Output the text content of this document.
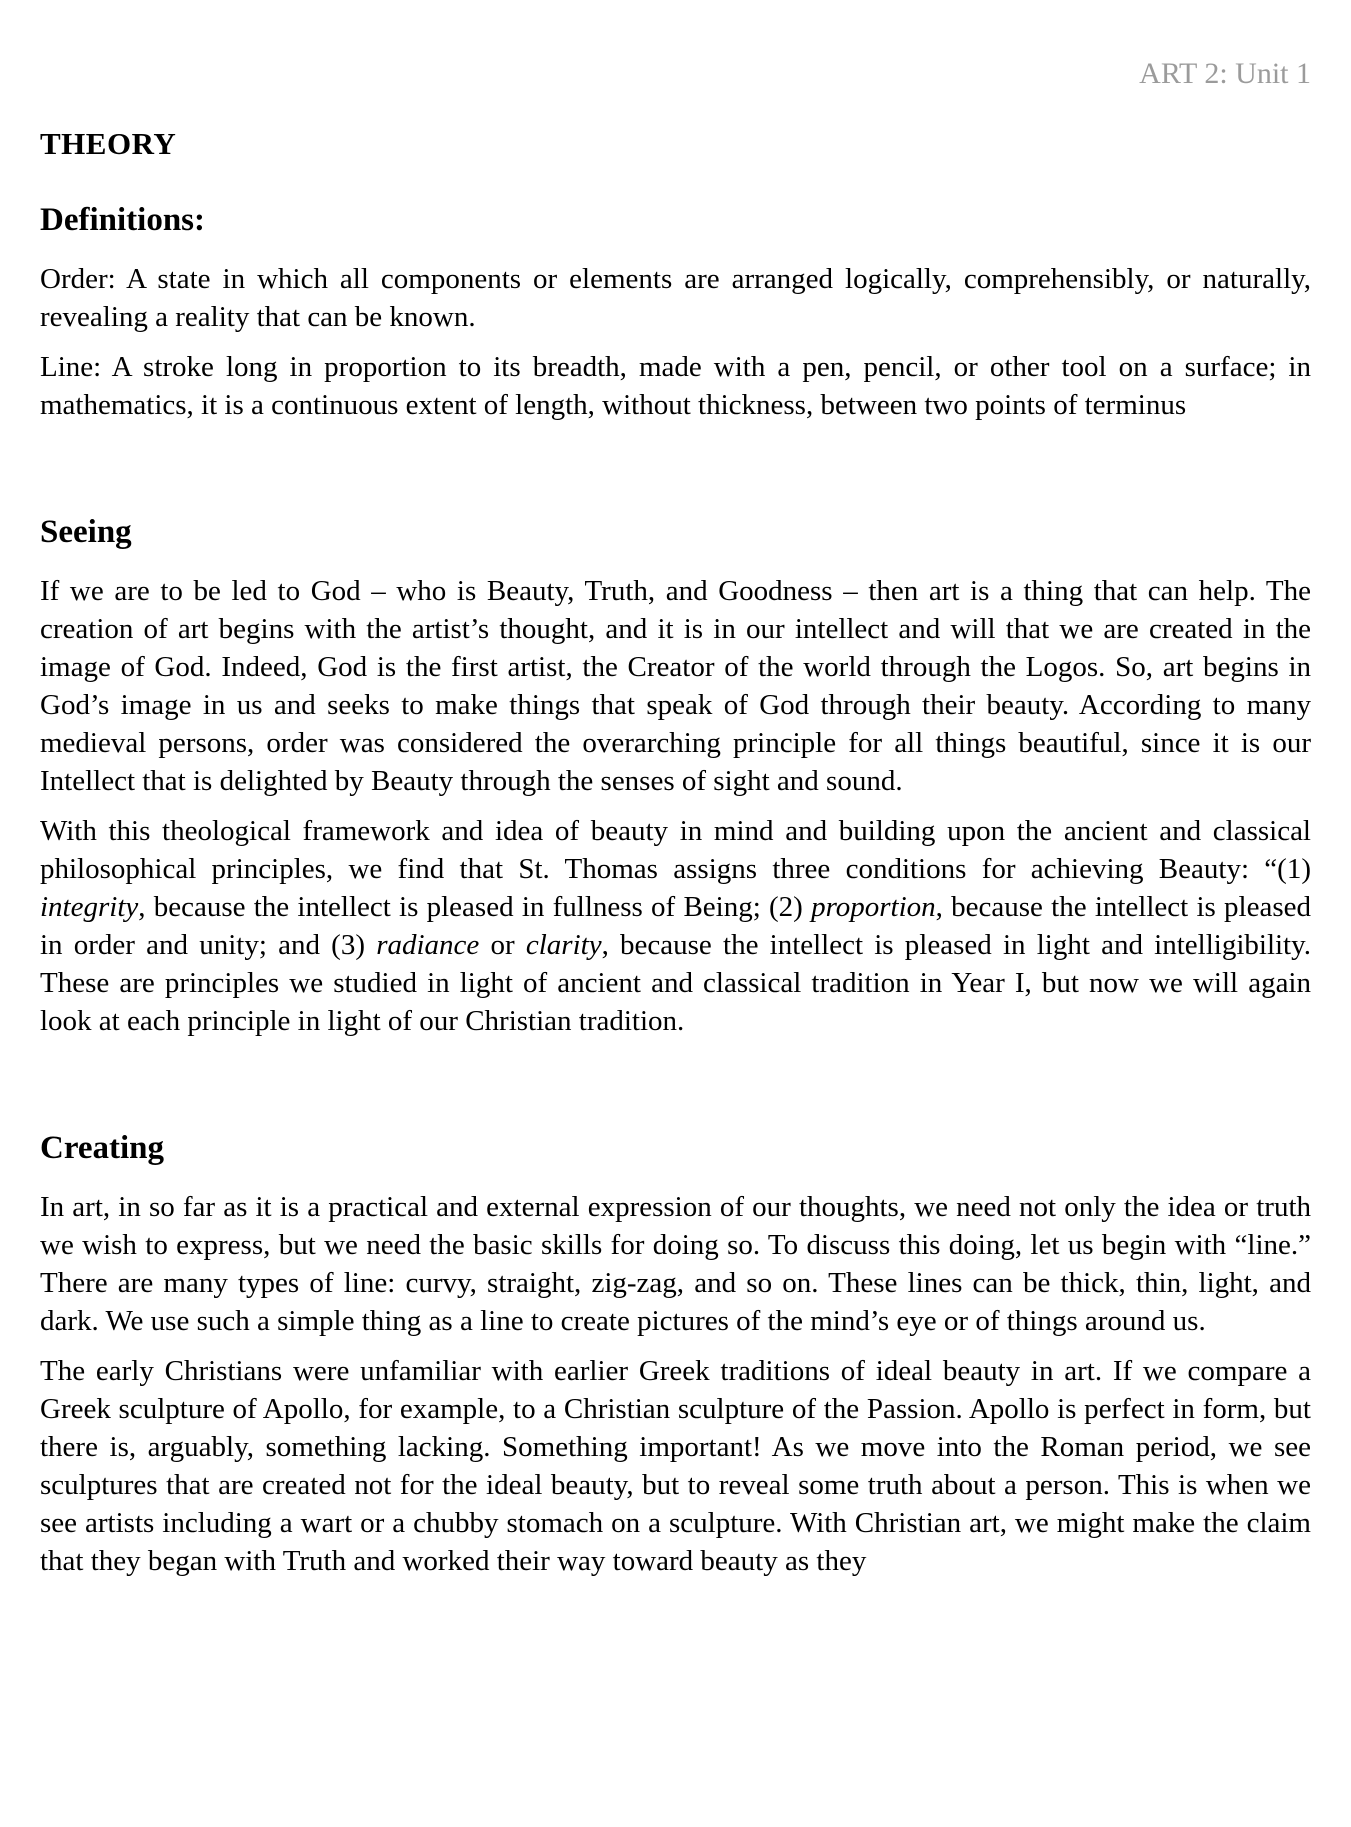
ART 2: Unit 1
THEORY
Definitions:

Order: A state in which all components or elements are arranged logically, comprehensibly, or naturally, revealing a reality that can be known.

Line: A stroke long in proportion to its breadth, made with a pen, pencil, or other tool on a surface; in mathematics, it is a continuous extent of length, without thickness, between two points of terminus

Seeing

If we are to be led to God – who is Beauty, Truth, and Goodness – then art is a thing that can help. The creation of art begins with the artist’s thought, and it is in our intellect and will that we are created in the image of God. Indeed, God is the first artist, the Creator of the world through the Logos. So, art begins in God’s image in us and seeks to make things that speak of God through their beauty. According to many medieval persons, order was considered the overarching principle for all things beautiful, since it is our Intellect that is delighted by Beauty through the senses of sight and sound.

With this theological framework and idea of beauty in mind and building upon the ancient and classical philosophical principles, we find that St. Thomas assigns three conditions for achieving Beauty: “(1) integrity, because the intellect is pleased in fullness of Being; (2) proportion, because the intellect is pleased in order and unity; and (3) radiance or clarity, because the intellect is pleased in light and intelligibility. These are principles we studied in light of ancient and classical tradition in Year I, but now we will again look at each principle in light of our Christian tradition.

Creating

In art, in so far as it is a practical and external expression of our thoughts, we need not only the idea or truth we wish to express, but we need the basic skills for doing so. To discuss this doing, let us begin with “line.” There are many types of line: curvy, straight, zig-zag, and so on. These lines can be thick, thin, light, and dark. We use such a simple thing as a line to create pictures of the mind’s eye or of things around us.

The early Christians were unfamiliar with earlier Greek traditions of ideal beauty in art. If we compare a Greek sculpture of Apollo, for example, to a Christian sculpture of the Passion. Apollo is perfect in form, but there is, arguably, something lacking. Something important! As we move into the Roman period, we see sculptures that are created not for the ideal beauty, but to reveal some truth about a person. This is when we see artists including a wart or a chubby stomach on a sculpture. With Christian art, we might make the claim that they began with Truth and worked their way toward beauty as they
